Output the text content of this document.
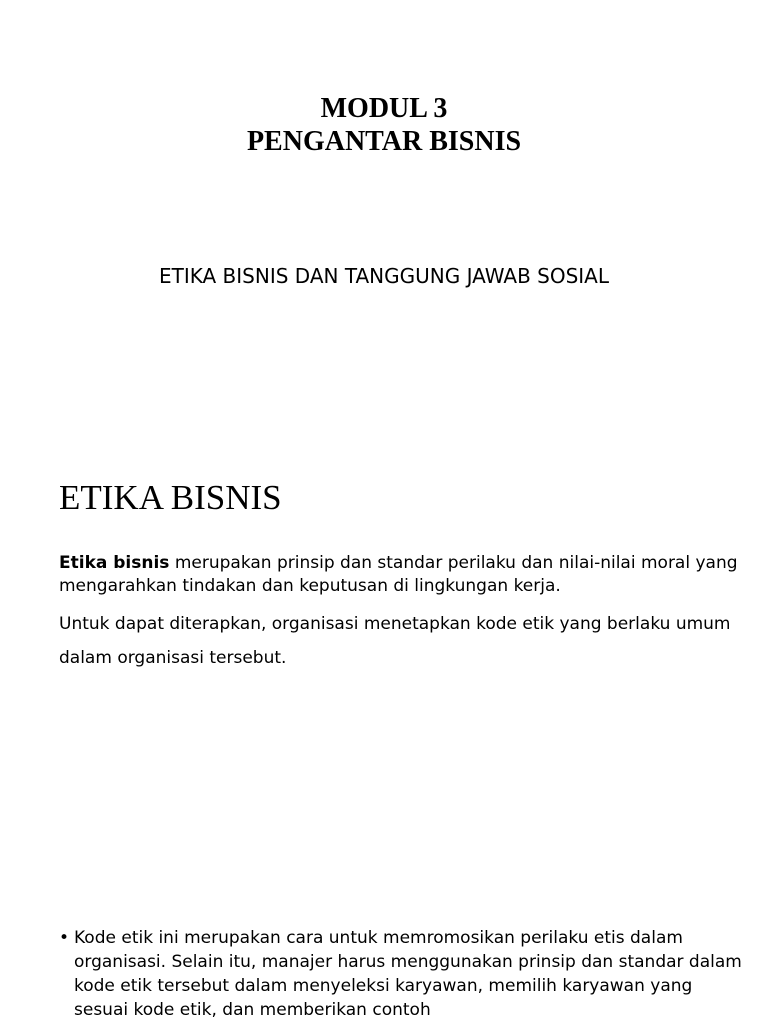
MODUL 3
PENGANTAR BISNIS
ETIKA BISNIS DAN TANGGUNG JAWAB SOSIAL
ETIKA BISNIS
Etika bisnis merupakan prinsip dan standar perilaku dan nilai-nilai moral yang mengarahkan tindakan dan keputusan di lingkungan kerja.
Untuk dapat diterapkan, organisasi menetapkan kode etik yang berlaku umum dalam organisasi tersebut.
• Kode etik ini merupakan cara untuk memromosikan perilaku etis dalam organisasi. Selain itu, manajer harus menggunakan prinsip dan standar dalam kode etik tersebut dalam menyeleksi karyawan, memilih karyawan yang sesuai kode etik, dan memberikan contoh
